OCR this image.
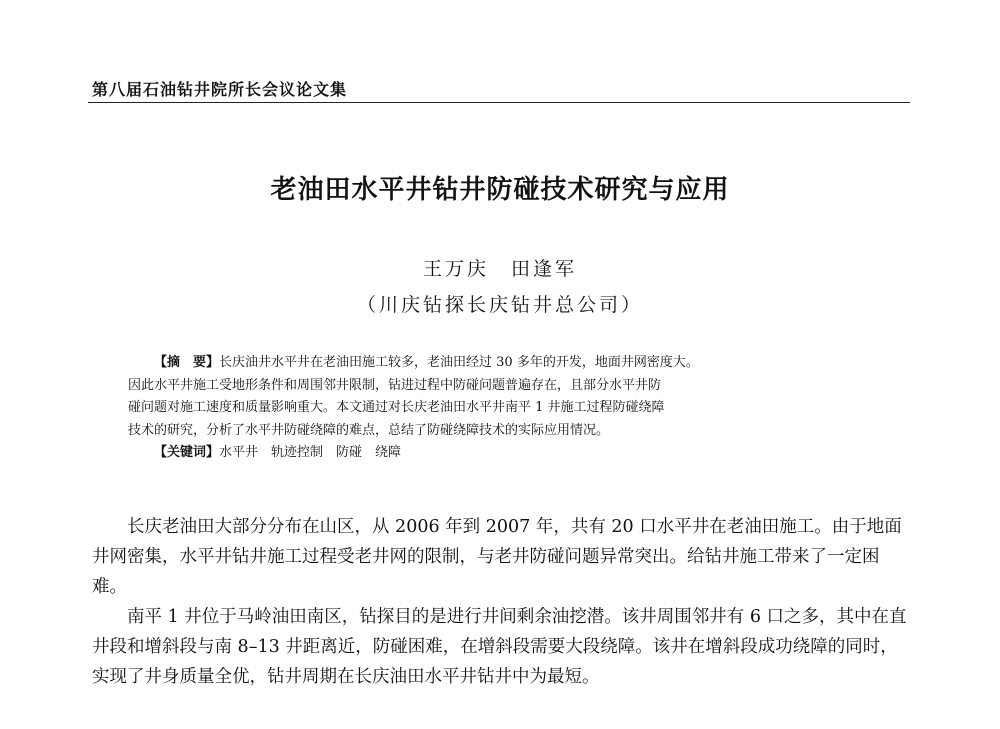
第八届石油钻井院所长会议论文集
老油田水平井钻井防碰技术研究与应用
王万庆　田逢军
（川庆钻探长庆钻井总公司）

【摘　要】长庆油井水平井在老油田施工较多，老油田经过 30 多年的开发，地面井网密度大。

因此水平井施工受地形条件和周围邻井限制，钻进过程中防碰问题普遍存在，且部分水平井防

碰问题对施工速度和质量影响重大。本文通过对长庆老油田水平井南平 1 井施工过程防碰绕障

技术的研究，分析了水平井防碰绕障的难点，总结了防碰绕障技术的实际应用情况。

【关键词】水平井　轨迹控制　防碰　绕障

长庆老油田大部分分布在山区，从 2006 年到 2007 年，共有 20 口水平井在老油田施工。由于地面井网密集，水平井钻井施工过程受老井网的限制，与老井防碰问题异常突出。给钻井施工带来了一定困难。

南平 1 井位于马岭油田南区，钻探目的是进行井间剩余油挖潜。该井周围邻井有 6 口之多，其中在直井段和增斜段与南 8–13 井距离近，防碰困难，在增斜段需要大段绕障。该井在增斜段成功绕障的同时，实现了井身质量全优，钻井周期在长庆油田水平井钻井中为最短。
